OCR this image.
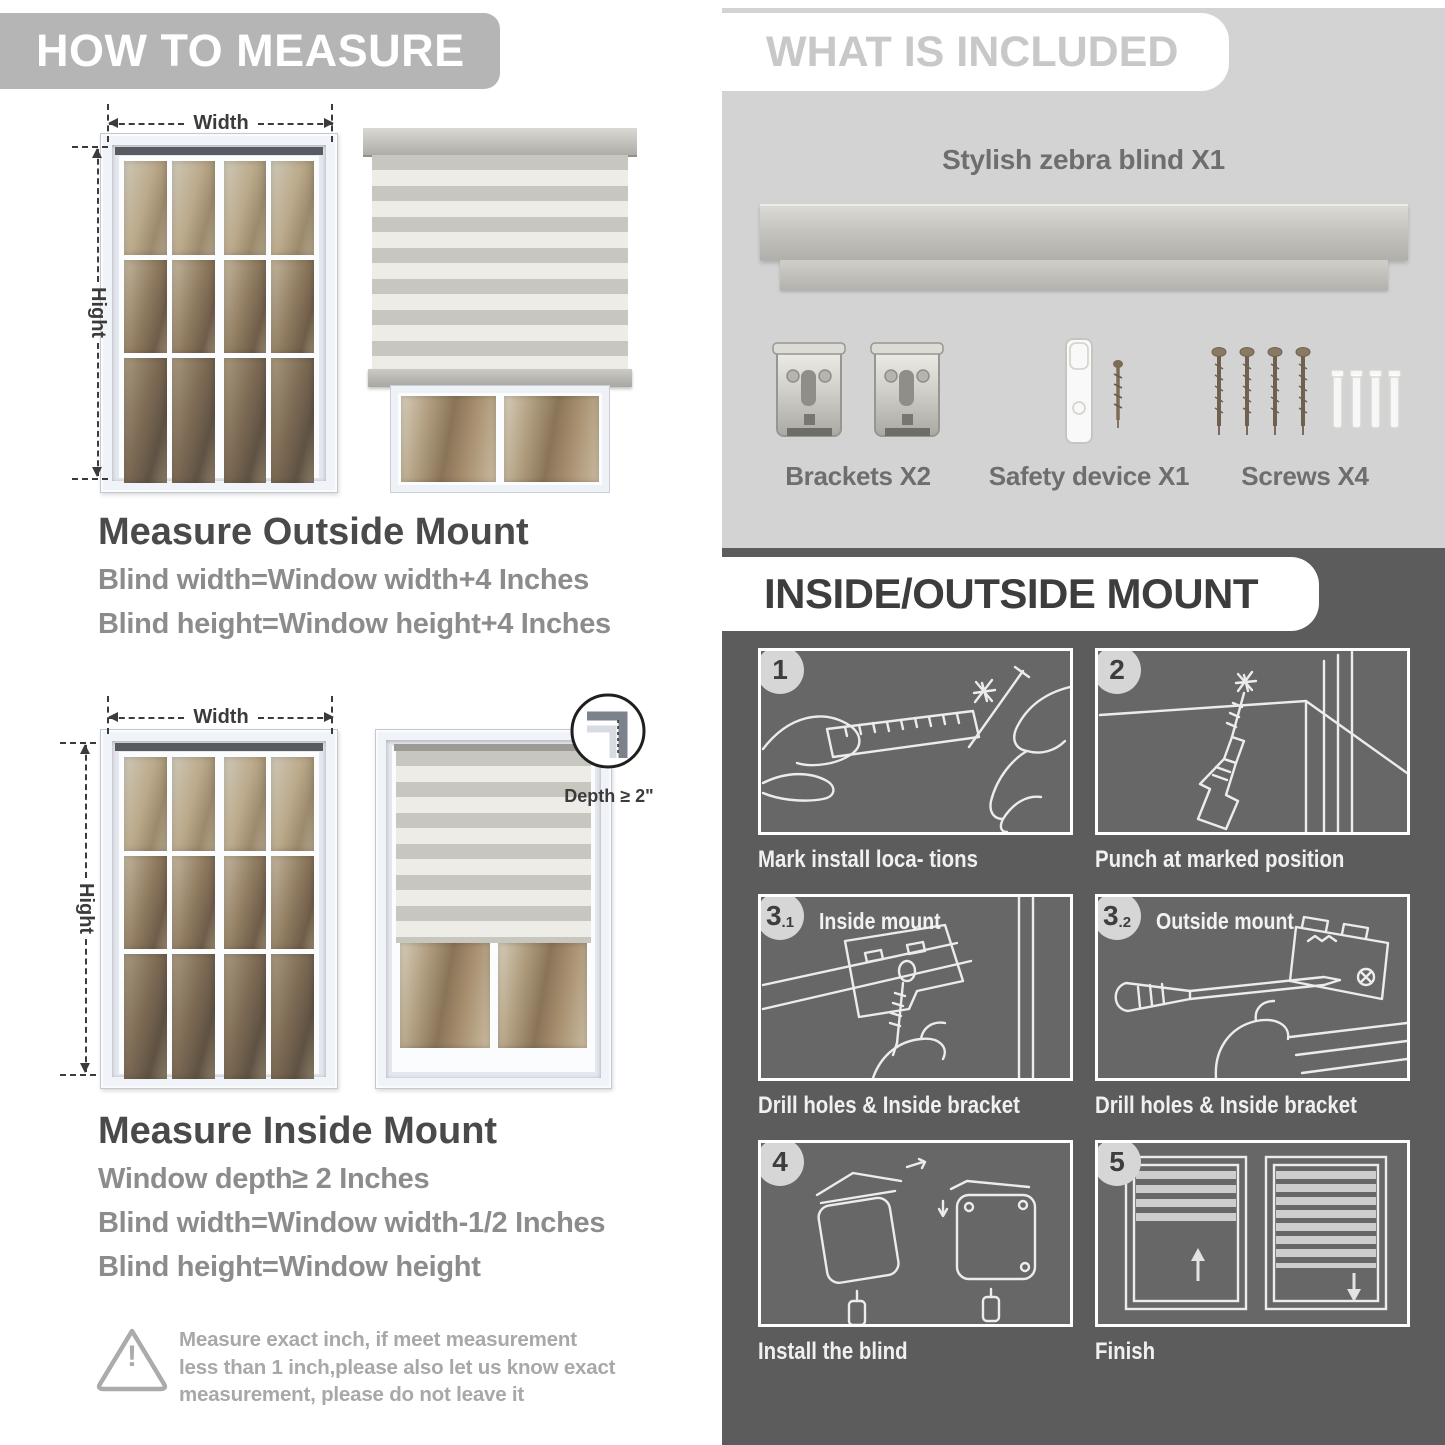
HOW TO MEASURE
Width
Hight
Measure Outside Mount
Blind width=Window width+4 Inches
Blind height=Window height+4 Inches
Width
Hight
Depth ≥ 2"
Measure Inside Mount
Window depth≥ 2 Inches
Blind width=Window width-1/2 Inches
Blind height=Window height
!
Measure exact inch, if meet measurement less than 1 inch,please also let us know exact measurement, please do not leave it
WHAT IS INCLUDED
Stylish zebra blind X1
Brackets X2	Safety device X1	Screws X4
INSIDE/OUTSIDE MOUNT
1
Mark install loca- tions
2
Punch at marked position
3 .1 Inside mount
Drill holes & Inside bracket
3 .2 Outside mount
Drill holes & Inside bracket
4
Install the blind
5
Finish
